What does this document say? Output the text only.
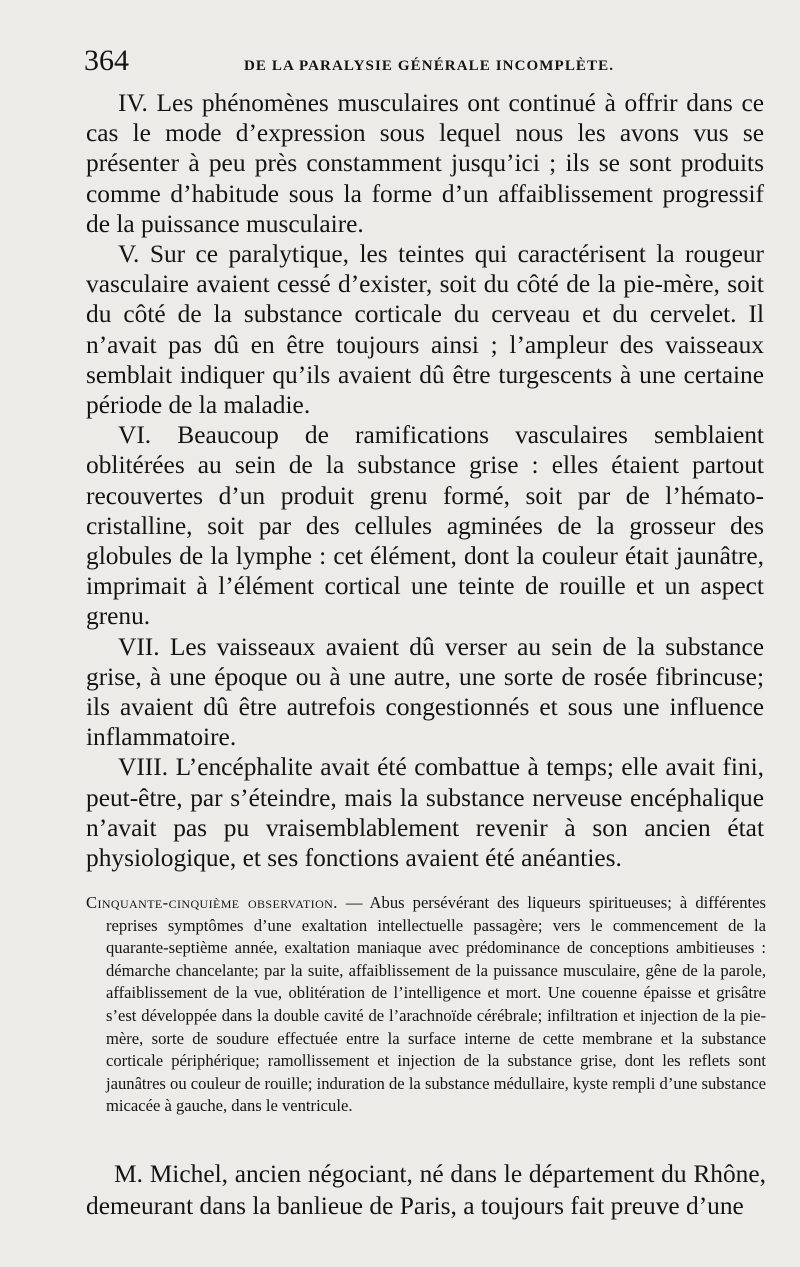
364	DE LA PARALYSIE GÉNÉRALE INCOMPLÈTE.

IV. Les phénomènes musculaires ont continué à offrir dans ce cas le mode d’expression sous lequel nous les avons vus se présenter à peu près constamment jusqu’ici ; ils se sont produits comme d’habitude sous la forme d’un affaiblissement progressif de la puissance musculaire.

V. Sur ce paralytique, les teintes qui caractérisent la rougeur vasculaire avaient cessé d’exister, soit du côté de la pie-mère, soit du côté de la substance corticale du cerveau et du cervelet. Il n’avait pas dû en être toujours ainsi ; l’ampleur des vaisseaux semblait indiquer qu’ils avaient dû être turgescents à une certaine période de la maladie.

VI. Beaucoup de ramifications vasculaires semblaient oblitérées au sein de la substance grise : elles étaient partout recouvertes d’un produit grenu formé, soit par de l’hémato-cristalline, soit par des cellules agminées de la grosseur des globules de la lymphe : cet élément, dont la couleur était jaunâtre, imprimait à l’élément cortical une teinte de rouille et un aspect grenu.

VII. Les vaisseaux avaient dû verser au sein de la substance grise, à une époque ou à une autre, une sorte de rosée fibrincuse; ils avaient dû être autrefois congestionnés et sous une influence inflammatoire.

VIII. L’encéphalite avait été combattue à temps; elle avait fini, peut-être, par s’éteindre, mais la substance nerveuse encéphalique n’avait pas pu vraisemblablement revenir à son ancien état physiologique, et ses fonctions avaient été anéanties.

Cinquante-cinquième observation. — Abus persévérant des liqueurs spiritueuses; à différentes reprises symptômes d’une exaltation intellectuelle passagère; vers le commencement de la quarante-septième année, exaltation maniaque avec prédominance de conceptions ambitieuses : démarche chancelante; par la suite, affaiblissement de la puissance musculaire, gêne de la parole, affaiblissement de la vue, oblitération de l’intelligence et mort. Une couenne épaisse et grisâtre s’est développée dans la double cavité de l’arachnoïde cérébrale; infiltration et injection de la pie-mère, sorte de soudure effectuée entre la surface interne de cette membrane et la substance corticale périphérique; ramollissement et injection de la substance grise, dont les reflets sont jaunâtres ou couleur de rouille; induration de la substance médullaire, kyste rempli d’une substance micacée à gauche, dans le ventricule.
M. Michel, ancien négociant, né dans le département du Rhône, demeurant dans la banlieue de Paris, a toujours fait preuve d’une
